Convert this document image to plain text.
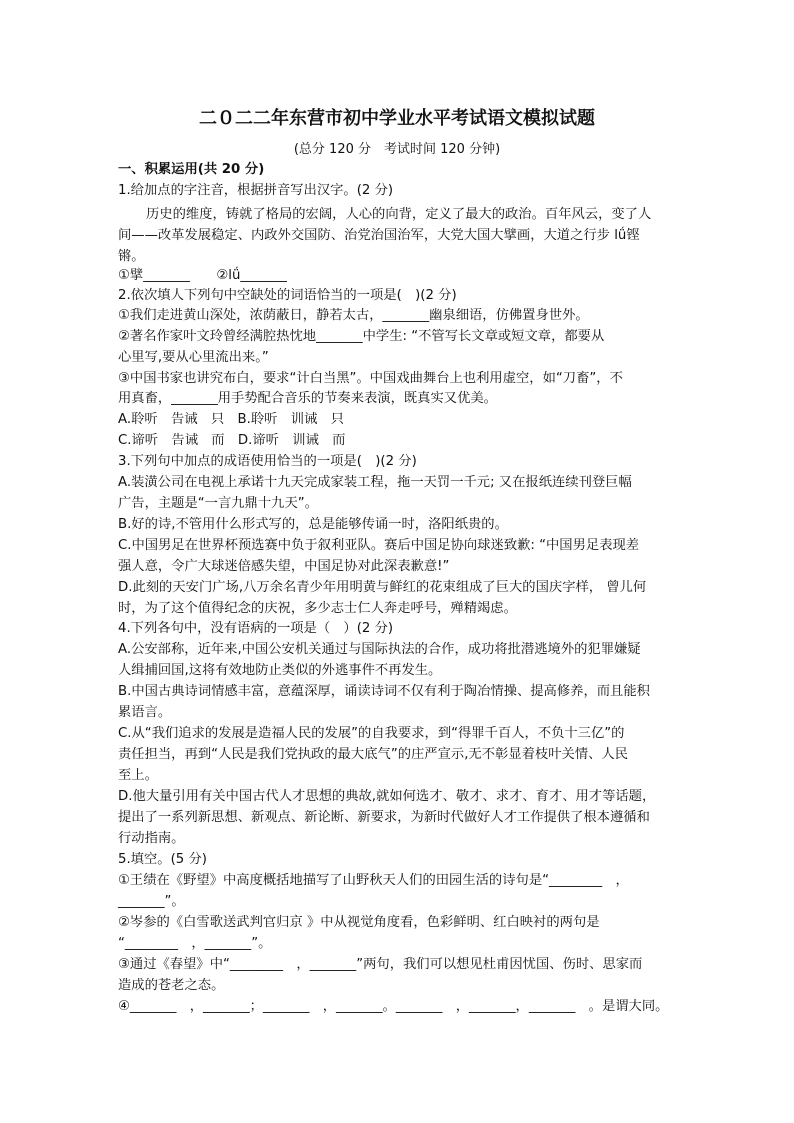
二０二二年东营市初中学业水平考试语文模拟试题
(总分 120 分　考试时间 120 分钟)
一、积累运用(共 20 分)
1.给加点的字注音，根据拼音写出汉字。(2 分)
历史的维度，铸就了格局的宏阔，人心的向背，定义了最大的政治。百年风云，变了人
间——改革发展稳定、内政外交国防、治党治国治军，大党大国大擘画，大道之行步 lǘ铿
锵。
①擘_______　　②lǘ_______
2.依次填人下列句中空缺处的词语恰当的一项是(　)(2 分)
①我们走进黄山深处，浓荫蔽日，静若太古，_______幽泉细语，仿佛置身世外。
②著名作家叶文玲曾经满腔热忱地_______中学生: “不管写长文章或短文章，都要从
心里写,要从心里流出来。”
③中国书家也讲究布白，要求“计白当黑”。中国戏曲舞台上也利用虚空，如“刀畜”，不
用真畜，_______用手势配合音乐的节奏来表演，既真实又优美。
A.聆听　告诫　只　B.聆听　训诫　只
C.谛听　告诫　而　D.谛听　训诫　而
3.下列句中加点的成语使用恰当的一项是(　)(2 分)
A.装潢公司在电视上承诺十九天完成家装工程，拖一天罚一千元; 又在报纸连续刊登巨幅
广告，主题是“一言九鼎十九天”。
B.好的诗,不管用什么形式写的，总是能够传诵一时，洛阳纸贵的。
C.中国男足在世界杯预选赛中负于叙利亚队。赛后中国足协向球迷致歉: “中国男足表现差
强人意，令广大球迷倍感失望，中国足协对此深表歉意!”
D.此刻的天安门广场,八万余名青少年用明黄与鲜红的花束组成了巨大的国庆字样， 曾儿何
时，为了这个值得纪念的庆祝，多少志士仁人奔走呼号，殚精竭虑。
4.下列各句中，没有语病的一项是（　）(2 分)
A.公安部称，近年来,中国公安机关通过与国际执法的合作，成功将批潜逃境外的犯罪嫌疑
人缉捕回国,这将有效地防止类似的外逃事件不再发生。
B.中国古典诗词情感丰富，意蕴深厚，诵读诗词不仅有利于陶冶情操、提高修养，而且能积
累语言。
C.从“我们追求的发展是造福人民的发展”的自我要求，到“得罪千百人，不负十三亿”的
责任担当，再到“人民是我们党执政的最大底气”的庄严宣示,无不彰显着枝叶关情、人民
至上。
D.他大量引用有关中国古代人才思想的典故,就如何选才、敬才、求才、育才、用才等话题，
提出了一系列新思想、新观点、新论断、新要求，为新时代做好人才工作提供了根本遵循和
行动指南。
5.填空。(5 分)
①王绩在《野望》中高度概括地描写了山野秋天人们的田园生活的诗句是“________　，
_______”。
②岑参的《白雪歌送武判官归京 》中从视觉角度看，色彩鲜明、红白映衬的两句是
“________　，_______”。
③通过《春望》中“________　，_______”两句，我们可以想见杜甫因忧国、伤时、思家而
造成的苍老之态。
④_______　，_______；_______　，_______。_______　，_______，_______　。是谓大同。
